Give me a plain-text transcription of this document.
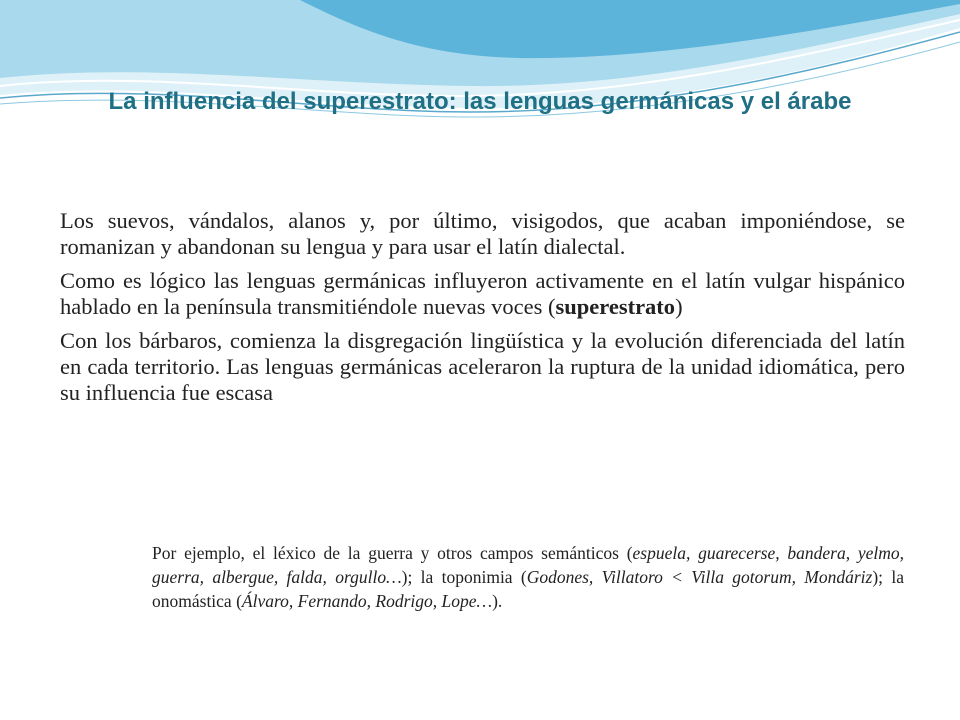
La influencia del superestrato: las lenguas germánicas y el árabe

Los suevos, vándalos, alanos y, por último, visigodos, que acaban imponiéndose, se romanizan y abandonan su lengua y para usar el latín dialectal.

Como es lógico las lenguas germánicas influyeron activamente en el latín vulgar hispánico hablado en la península transmitiéndole nuevas voces (superestrato)

Con los bárbaros, comienza la disgregación lingüística y la evolución diferenciada del latín en cada territorio. Las lenguas germánicas aceleraron la ruptura de la unidad idiomática, pero su influencia fue escasa

Por ejemplo, el léxico de la guerra y otros campos semánticos (espuela, guarecerse, bandera, yelmo, guerra, albergue, falda, orgullo…); la toponimia (Godones, Villatoro < Villa gotorum, Mondáriz); la onomástica (Álvaro, Fernando, Rodrigo, Lope…).
